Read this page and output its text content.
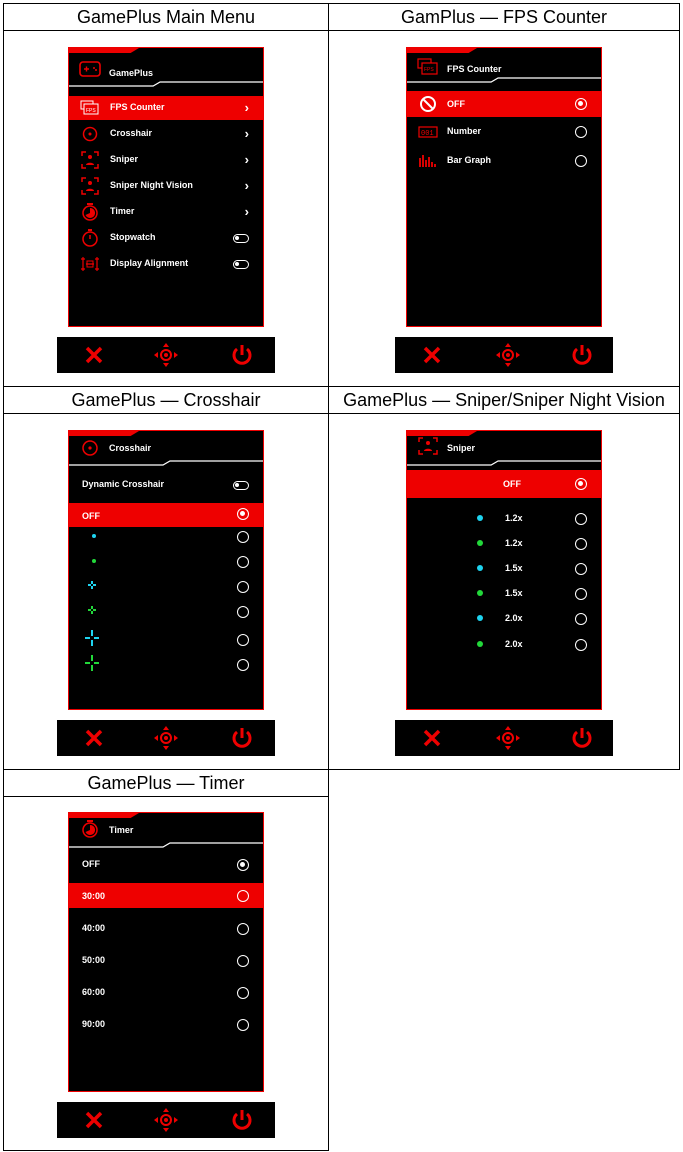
GamePlus Main Menu
GamePlus
FPS FPS Counter	›
Crosshair	›
Sniper	›
Sniper Night Vision	›
Timer	›
Stopwatch
Display Alignment
GamPlus — FPS Counter
FPS FPS Counter
OFF
001 Number
Bar Graph
GamePlus — Crosshair
Crosshair
Dynamic Crosshair
OFF
GamePlus — Sniper/Sniper Night Vision
Sniper
OFF
1.2x
1.2x
1.5x
1.5x
2.0x
2.0x
GamePlus — Timer
Timer
OFF
30:00
40:00
50:00
60:00
90:00
